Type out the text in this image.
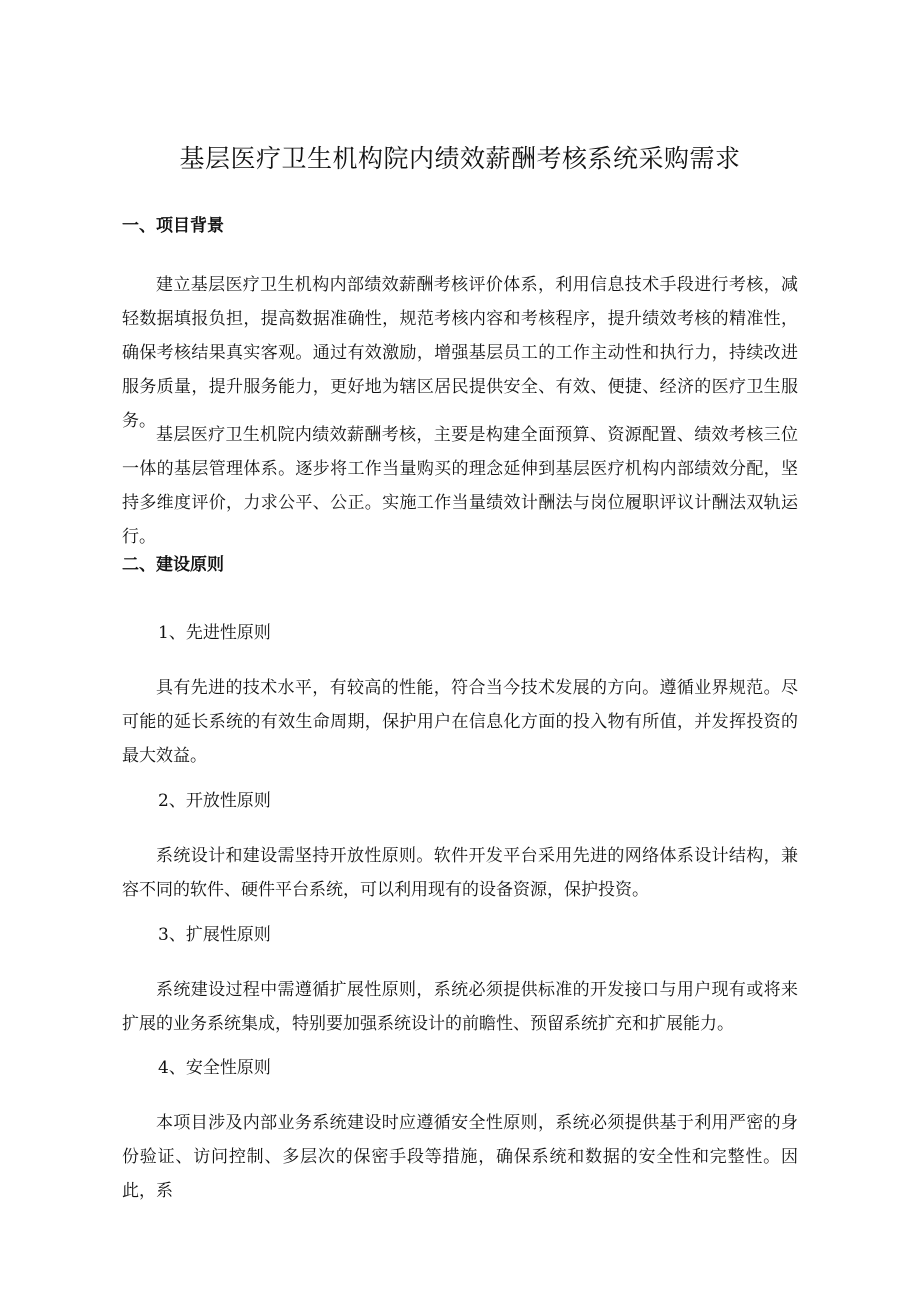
基层医疗卫生机构院内绩效薪酬考核系统采购需求
一、项目背景
建立基层医疗卫生机构内部绩效薪酬考核评价体系，利用信息技术手段进行考核，减轻数据填报负担，提高数据准确性，规范考核内容和考核程序，提升绩效考核的精准性，确保考核结果真实客观。通过有效激励，增强基层员工的工作主动性和执行力，持续改进服务质量，提升服务能力，更好地为辖区居民提供安全、有效、便捷、经济的医疗卫生服务。
基层医疗卫生机院内绩效薪酬考核，主要是构建全面预算、资源配置、绩效考核三位一体的基层管理体系。逐步将工作当量购买的理念延伸到基层医疗机构内部绩效分配，坚持多维度评价，力求公平、公正。实施工作当量绩效计酬法与岗位履职评议计酬法双轨运行。
二、建设原则
1、先进性原则
具有先进的技术水平，有较高的性能，符合当今技术发展的方向。遵循业界规范。尽可能的延长系统的有效生命周期，保护用户在信息化方面的投入物有所值，并发挥投资的最大效益。
2、开放性原则
系统设计和建设需坚持开放性原则。软件开发平台采用先进的网络体系设计结构，兼容不同的软件、硬件平台系统，可以利用现有的设备资源，保护投资。
3、扩展性原则
系统建设过程中需遵循扩展性原则，系统必须提供标准的开发接口与用户现有或将来扩展的业务系统集成，特别要加强系统设计的前瞻性、预留系统扩充和扩展能力。
4、安全性原则
本项目涉及内部业务系统建设时应遵循安全性原则，系统必须提供基于利用严密的身份验证、访问控制、多层次的保密手段等措施，确保系统和数据的安全性和完整性。因此，系
